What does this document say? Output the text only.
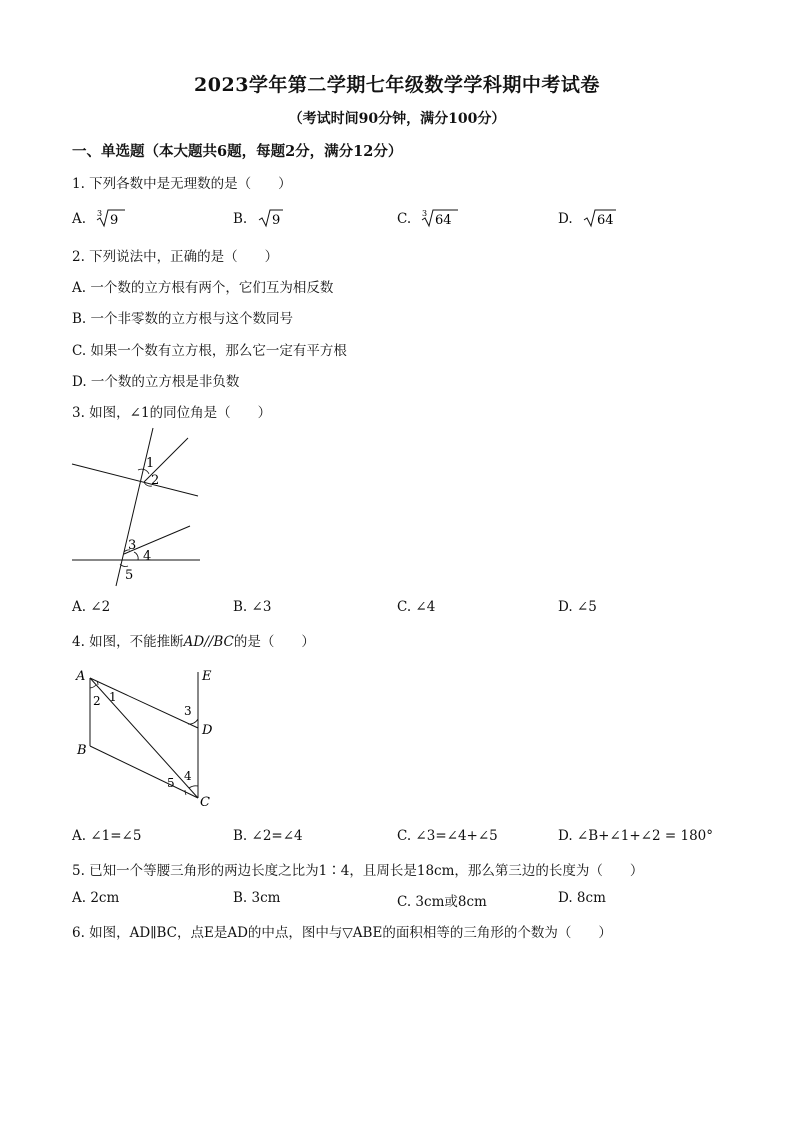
2023学年第二学期七年级数学学科期中考试卷
（考试时间90分钟，满分100分）
一、单选题（本大题共6题，每题2分，满分12分）
1. 下列各数中是无理数的是（　　）
A. 3 9	B. 9	C. 3 64	D. 64
2. 下列说法中，正确的是（　　）
A. 一个数的立方根有两个，它们互为相反数
B. 一个非零数的立方根与这个数同号
C. 如果一个数有立方根，那么它一定有平方根
D. 一个数的立方根是非负数
3. 如图，∠1的同位角是（　　）
1
2
3
4
5
A. ∠2	B. ∠3	C. ∠4	D. ∠5
4. 如图，不能推断AD//BC的是（　　）
A	E
B
D
C
1
2
3
4
5
A. ∠1=∠5	B. ∠2=∠4	C. ∠3=∠4+∠5	D. ∠B+∠1+∠2 = 180°
5. 已知一个等腰三角形的两边长度之比为1∶4，且周长是18cm，那么第三边的长度为（　　）
A. 2cm	B. 3cm	C. 3cm或8cm	D. 8cm
6. 如图，AD∥BC，点E是AD的中点，图中与▽ABE的面积相等的三角形的个数为（　　）
